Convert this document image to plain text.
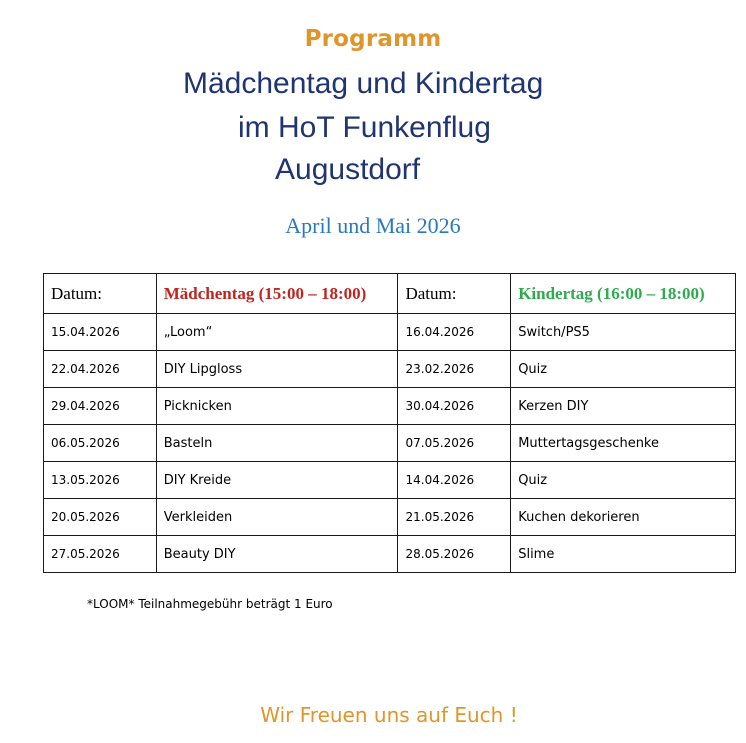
Programm
Mädchentag und Kindertag
im HoT Funkenflug
Augustdorf
April und Mai 2026
Datum:	Mädchentag (15:00 – 18:00)	Datum:	Kindertag (16:00 – 18:00)
15.04.2026	„Loom“	16.04.2026	Switch/PS5
22.04.2026	DIY Lipgloss	23.02.2026	Quiz
29.04.2026	Picknicken	30.04.2026	Kerzen DIY
06.05.2026	Basteln	07.05.2026	Muttertagsgeschenke
13.05.2026	DIY Kreide	14.04.2026	Quiz
20.05.2026	Verkleiden	21.05.2026	Kuchen dekorieren
27.05.2026	Beauty DIY	28.05.2026	Slime
*LOOM* Teilnahmegebühr beträgt 1 Euro
Wir Freuen uns auf Euch !
